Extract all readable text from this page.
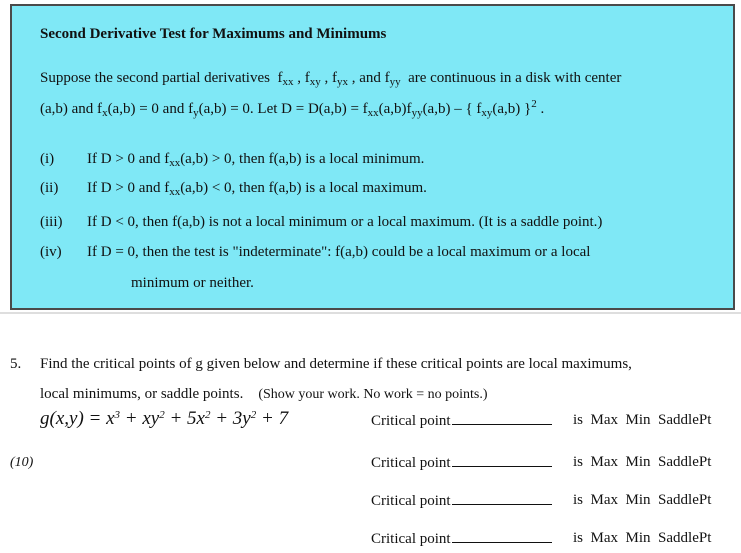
Second Derivative Test for Maximums and Minimums
Suppose the second partial derivatives $f_{xx}$ , $f_{xy}$ , $f_{yx}$ , and $f_{yy}$ are continuous in a disk with center
(a,b) and $f_x(a,b) = 0$ and $f_y(a,b) = 0$. Let $D = D(a,b) = f_{xx}(a,b)f_{yy}(a,b)$ – { $f_{xy}(a,b)$ }$^2$ .
(i) If D > 0 and $f_{xx}(a,b) > 0$, then f(a,b) is a local minimum.
(ii) If D > 0 and $f_{xx}(a,b) < 0$, then f(a,b) is a local maximum.
(iii) If D < 0, then f(a,b) is not a local minimum or a local maximum. (It is a saddle point.)
(iv) If D = 0, then the test is "indeterminate": f(a,b) could be a local maximum or a local
minimum or neither.
5. Find the critical points of g given below and determine if these critical points are local maximums,
local minimums, or saddle points. (Show your work. No work = no points.)
$g(x,y) = x^3 + xy^2 + 5x^2 + 3y^2 + 7$
(10)
Critical point	is Max Min SaddlePt
Critical point	is Max Min SaddlePt
Critical point	is Max Min SaddlePt
Critical point	is Max Min SaddlePt
